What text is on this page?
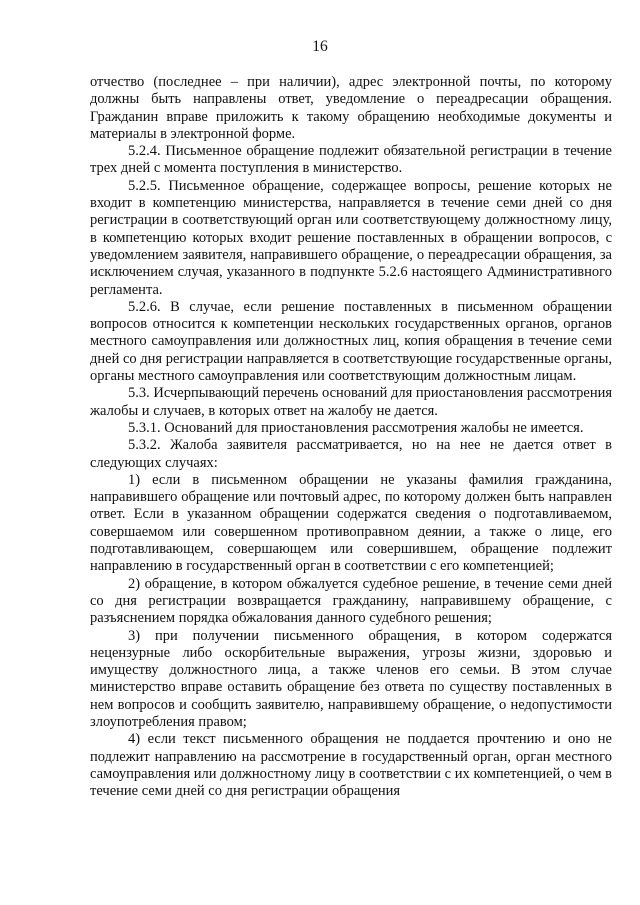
16

отчество (последнее – при наличии), адрес электронной почты, по которому должны быть направлены ответ, уведомление о переадресации обращения. Гражданин вправе приложить к такому обращению необходимые документы и материалы в электронной форме.

5.2.4. Письменное обращение подлежит обязательной регистрации в течение трех дней с момента поступления в министерство.

5.2.5. Письменное обращение, содержащее вопросы, решение которых не входит в компетенцию министерства, направляется в течение семи дней со дня регистрации в соответствующий орган или соответствующему должностному лицу, в компетенцию которых входит решение поставленных в обращении вопросов, с уведомлением заявителя, направившего обращение, о переадресации обращения, за исключением случая, указанного в подпункте 5.2.6 настоящего Административного регламента.

5.2.6. В случае, если решение поставленных в письменном обращении вопросов относится к компетенции нескольких государственных органов, органов местного самоуправления или должностных лиц, копия обращения в течение семи дней со дня регистрации направляется в соответствующие государственные органы, органы местного самоуправления или соответствующим должностным лицам.

5.3. Исчерпывающий перечень оснований для приостановления рассмотрения жалобы и случаев, в которых ответ на жалобу не дается.

5.3.1. Оснований для приостановления рассмотрения жалобы не имеется.

5.3.2. Жалоба заявителя рассматривается, но на нее не дается ответ в следующих случаях:

1) если в письменном обращении не указаны фамилия гражданина, направившего обращение или почтовый адрес, по которому должен быть направлен ответ. Если в указанном обращении содержатся сведения о подготавливаемом, совершаемом или совершенном противоправном деянии, а также о лице, его подготавливающем, совершающем или совершившем, обращение подлежит направлению в государственный орган в соответствии с его компетенцией;

2) обращение, в котором обжалуется судебное решение, в течение семи дней со дня регистрации возвращается гражданину, направившему обращение, с разъяснением порядка обжалования данного судебного решения;

3) при получении письменного обращения, в котором содержатся нецензурные либо оскорбительные выражения, угрозы жизни, здоровью и имуществу должностного лица, а также членов его семьи. В этом случае министерство вправе оставить обращение без ответа по существу поставленных в нем вопросов и сообщить заявителю, направившему обращение, о недопустимости злоупотребления правом;

4) если текст письменного обращения не поддается прочтению и оно не подлежит направлению на рассмотрение в государственный орган, орган местного самоуправления или должностному лицу в соответствии с их компетенцией, о чем в течение семи дней со дня регистрации обращения
